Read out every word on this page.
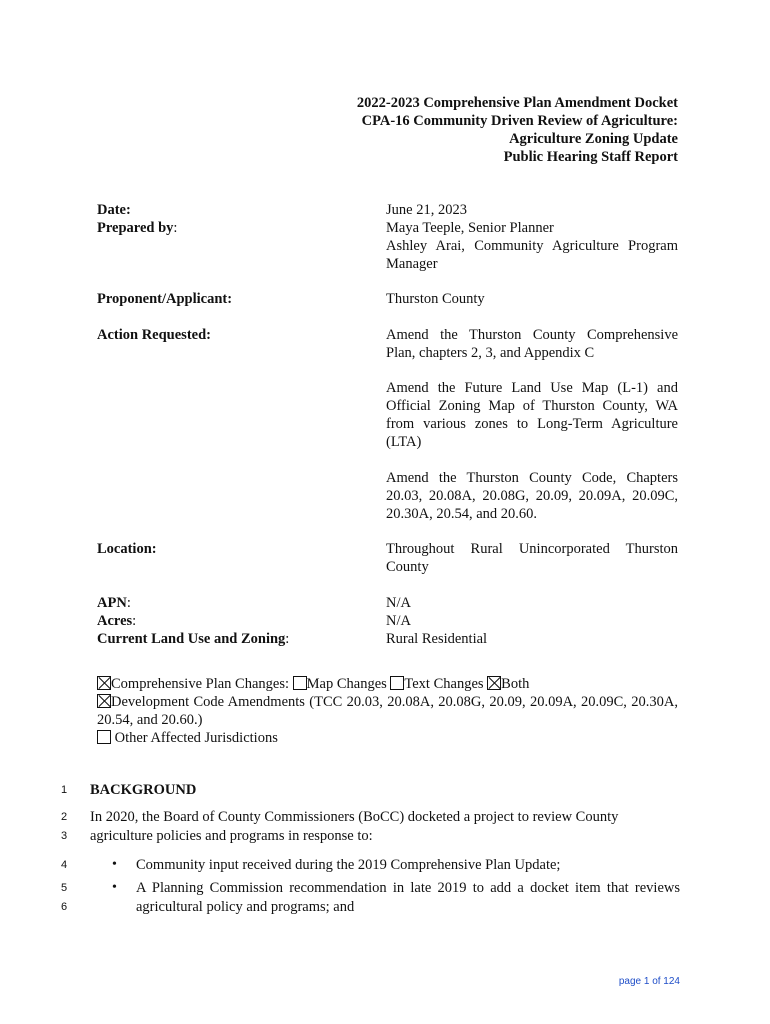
2022-2023 Comprehensive Plan Amendment Docket
CPA-16 Community Driven Review of Agriculture:
Agriculture Zoning Update
Public Hearing Staff Report
Date:
Prepared by:
Proponent/Applicant:
Action Requested:
Location:
APN:
Acres:
Current Land Use and Zoning:
June 21, 2023
Maya Teeple, Senior Planner
Ashley Arai, Community Agriculture Program Manager
Thurston County
Amend the Thurston County Comprehensive Plan, chapters 2, 3, and Appendix C
Amend the Future Land Use Map (L-1) and Official Zoning Map of Thurston County, WA from various zones to Long-Term Agriculture (LTA)
Amend the Thurston County Code, Chapters 20.03, 20.08A, 20.08G, 20.09, 20.09A, 20.09C, 20.30A, 20.54, and 20.60.
Throughout Rural Unincorporated Thurston County
N/A
N/A
Rural Residential
Comprehensive Plan Changes: Map Changes Text Changes Both
Development Code Amendments (TCC 20.03, 20.08A, 20.08G, 20.09, 20.09A, 20.09C, 20.30A, 20.54, and 20.60.)
Other Affected Jurisdictions
1
2
3
4
5
6
BACKGROUND
In 2020, the Board of County Commissioners (BoCC) docketed a project to review County
agriculture policies and programs in response to:
• Community input received during the 2019 Comprehensive Plan Update;
• A Planning Commission recommendation in late 2019 to add a docket item that reviews agricultural policy and programs; and
page 1 of 124
